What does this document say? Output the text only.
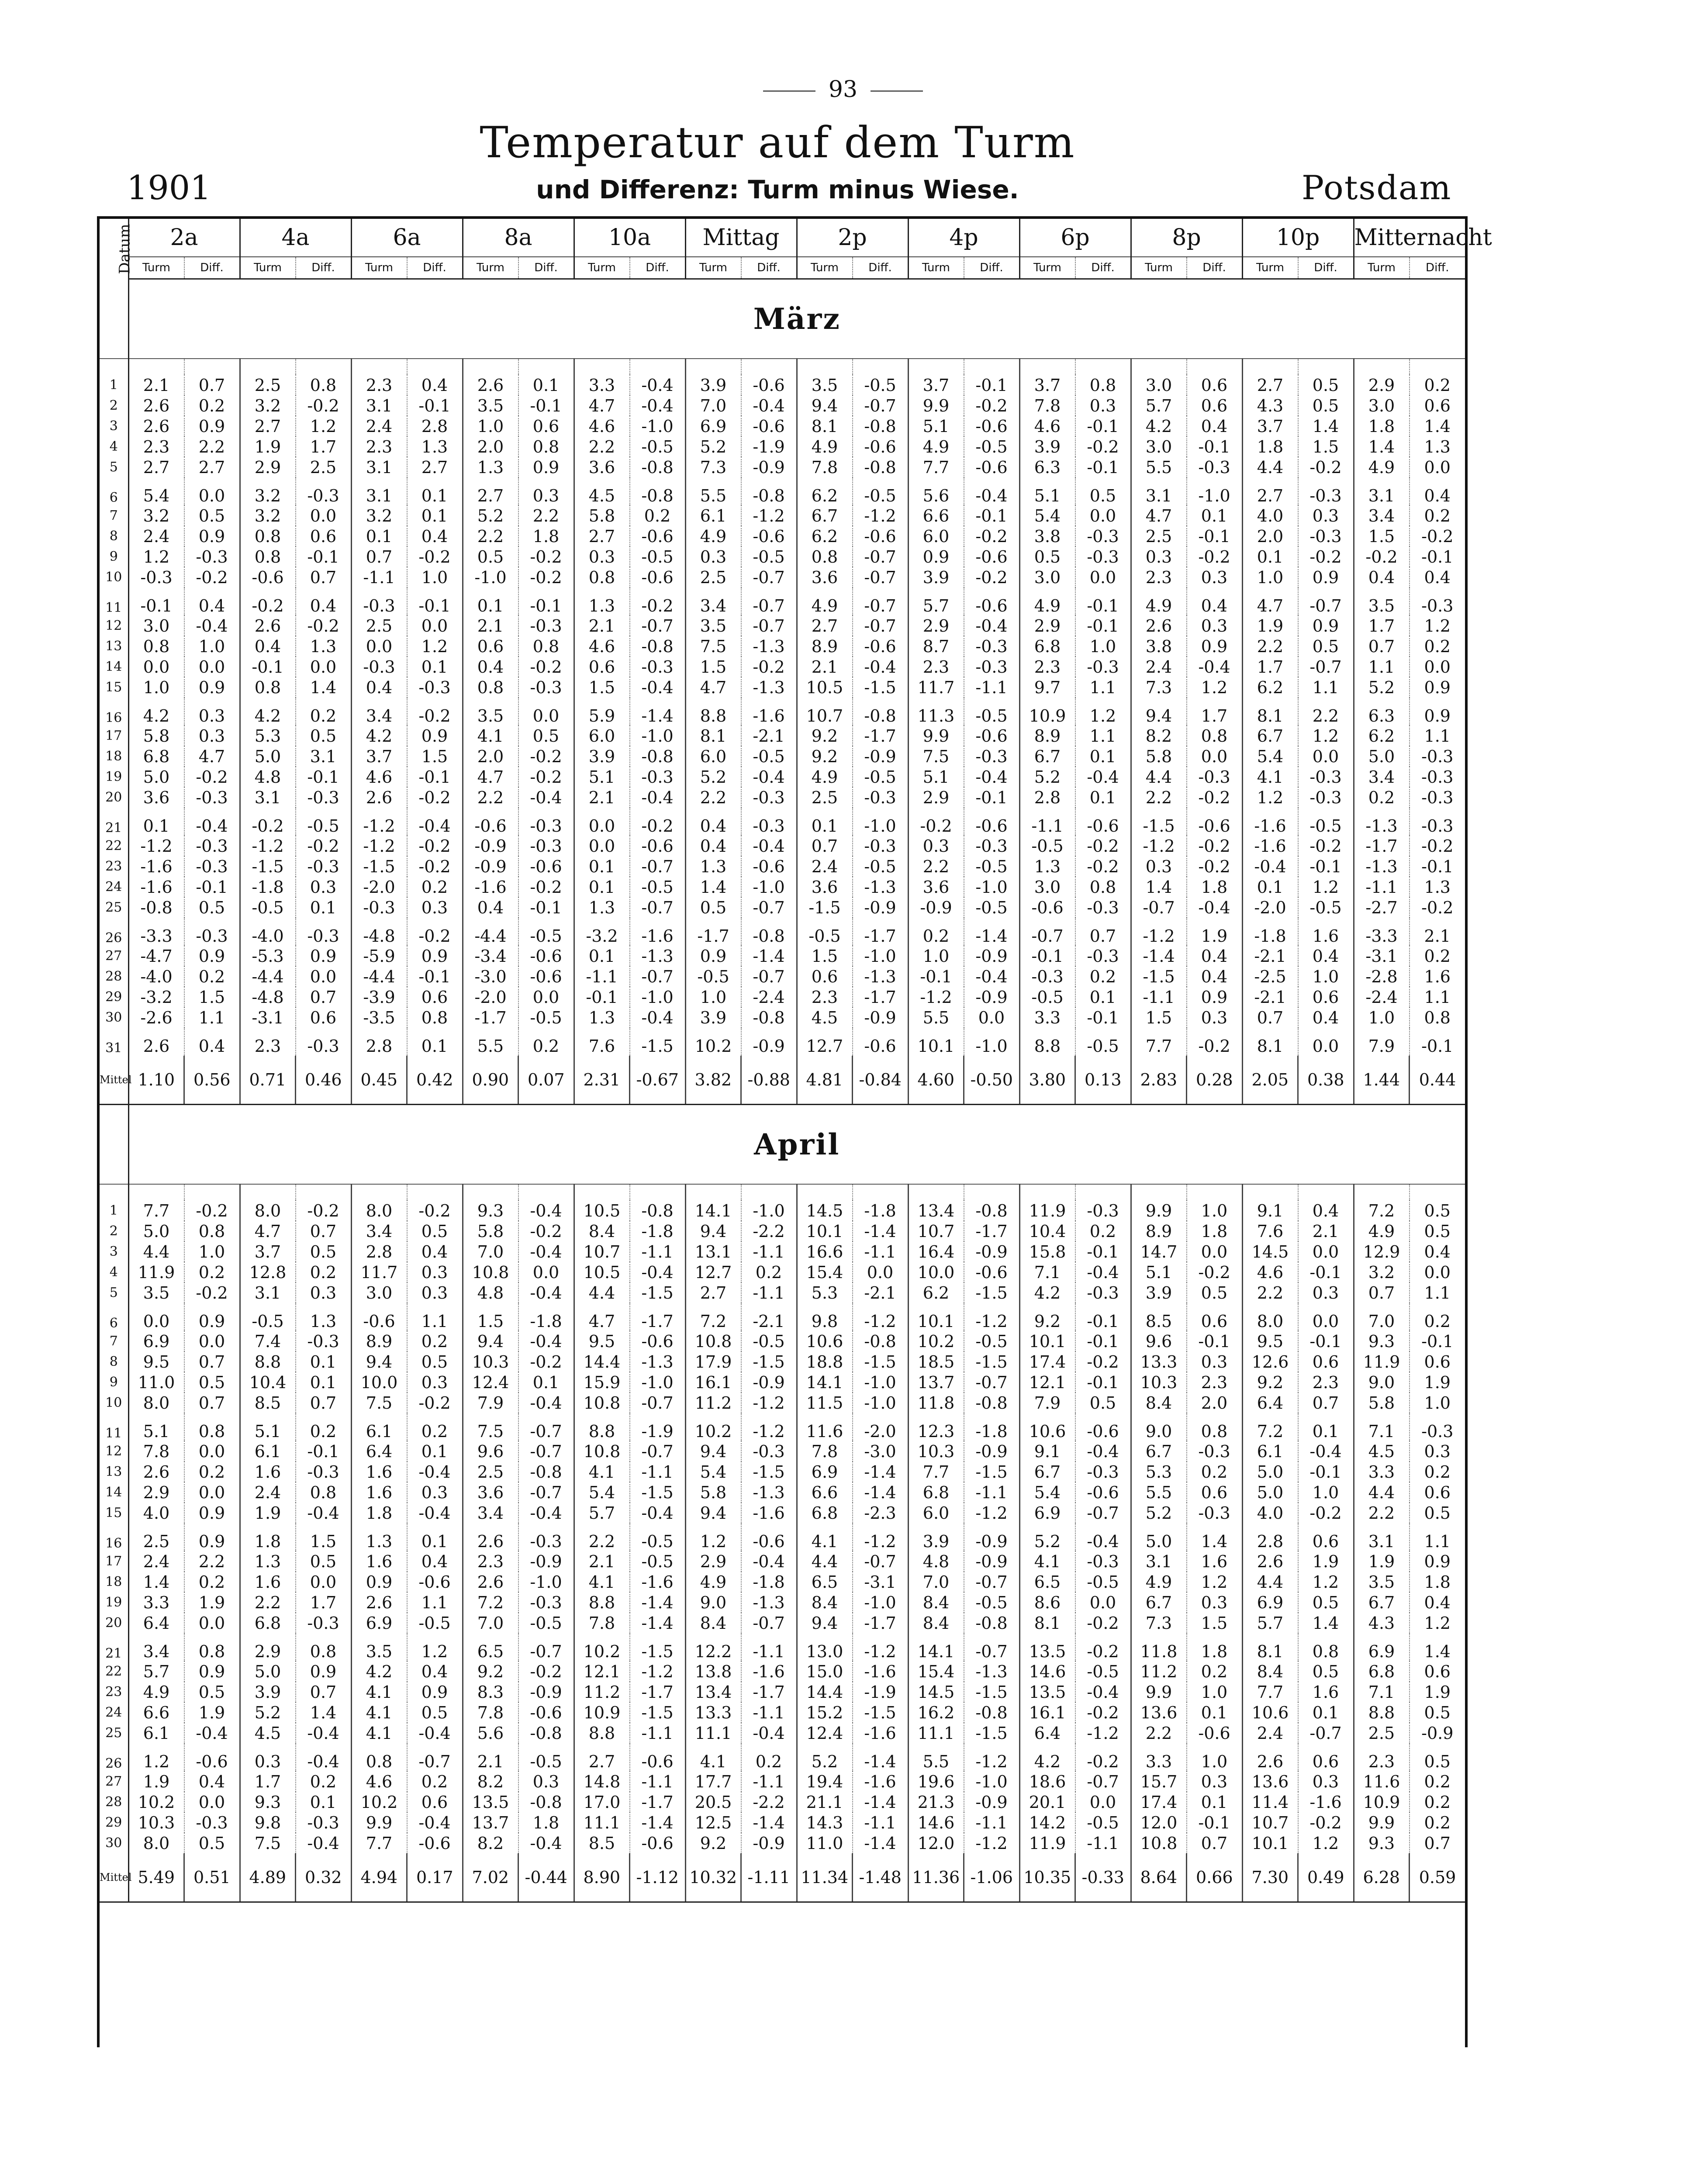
93
Temperatur auf dem Turm
und Differenz: Turm minus Wiese.
1901	Potsdam
Datum	2a		4a		6a		8a		10a		Mittag		2p		4p		6p		8p		10p		Mitternacht	
	Turm	Diff.	Turm	Diff.	Turm	Diff.	Turm	Diff.	Turm	Diff.	Turm	Diff.	Turm	Diff.	Turm	Diff.	Turm	Diff.	Turm	Diff.	Turm	Diff.	Turm	Diff.
	März																							

1	2.1	0.7	2.5	0.8	2.3	0.4	2.6	0.1	3.3	-0.4	3.9	-0.6	3.5	-0.5	3.7	-0.1	3.7	0.8	3.0	0.6	2.7	0.5	2.9	0.2
2	2.6	0.2	3.2	-0.2	3.1	-0.1	3.5	-0.1	4.7	-0.4	7.0	-0.4	9.4	-0.7	9.9	-0.2	7.8	0.3	5.7	0.6	4.3	0.5	3.0	0.6
3	2.6	0.9	2.7	1.2	2.4	2.8	1.0	0.6	4.6	-1.0	6.9	-0.6	8.1	-0.8	5.1	-0.6	4.6	-0.1	4.2	0.4	3.7	1.4	1.8	1.4
4	2.3	2.2	1.9	1.7	2.3	1.3	2.0	0.8	2.2	-0.5	5.2	-1.9	4.9	-0.6	4.9	-0.5	3.9	-0.2	3.0	-0.1	1.8	1.5	1.4	1.3
5	2.7	2.7	2.9	2.5	3.1	2.7	1.3	0.9	3.6	-0.8	7.3	-0.9	7.8	-0.8	7.7	-0.6	6.3	-0.1	5.5	-0.3	4.4	-0.2	4.9	0.0
6	5.4	0.0	3.2	-0.3	3.1	0.1	2.7	0.3	4.5	-0.8	5.5	-0.8	6.2	-0.5	5.6	-0.4	5.1	0.5	3.1	-1.0	2.7	-0.3	3.1	0.4
7	3.2	0.5	3.2	0.0	3.2	0.1	5.2	2.2	5.8	0.2	6.1	-1.2	6.7	-1.2	6.6	-0.1	5.4	0.0	4.7	0.1	4.0	0.3	3.4	0.2
8	2.4	0.9	0.8	0.6	0.1	0.4	2.2	1.8	2.7	-0.6	4.9	-0.6	6.2	-0.6	6.0	-0.2	3.8	-0.3	2.5	-0.1	2.0	-0.3	1.5	-0.2
9	1.2	-0.3	0.8	-0.1	0.7	-0.2	0.5	-0.2	0.3	-0.5	0.3	-0.5	0.8	-0.7	0.9	-0.6	0.5	-0.3	0.3	-0.2	0.1	-0.2	-0.2	-0.1
10	-0.3	-0.2	-0.6	0.7	-1.1	1.0	-1.0	-0.2	0.8	-0.6	2.5	-0.7	3.6	-0.7	3.9	-0.2	3.0	0.0	2.3	0.3	1.0	0.9	0.4	0.4
11	-0.1	0.4	-0.2	0.4	-0.3	-0.1	0.1	-0.1	1.3	-0.2	3.4	-0.7	4.9	-0.7	5.7	-0.6	4.9	-0.1	4.9	0.4	4.7	-0.7	3.5	-0.3
12	3.0	-0.4	2.6	-0.2	2.5	0.0	2.1	-0.3	2.1	-0.7	3.5	-0.7	2.7	-0.7	2.9	-0.4	2.9	-0.1	2.6	0.3	1.9	0.9	1.7	1.2
13	0.8	1.0	0.4	1.3	0.0	1.2	0.6	0.8	4.6	-0.8	7.5	-1.3	8.9	-0.6	8.7	-0.3	6.8	1.0	3.8	0.9	2.2	0.5	0.7	0.2
14	0.0	0.0	-0.1	0.0	-0.3	0.1	0.4	-0.2	0.6	-0.3	1.5	-0.2	2.1	-0.4	2.3	-0.3	2.3	-0.3	2.4	-0.4	1.7	-0.7	1.1	0.0
15	1.0	0.9	0.8	1.4	0.4	-0.3	0.8	-0.3	1.5	-0.4	4.7	-1.3	10.5	-1.5	11.7	-1.1	9.7	1.1	7.3	1.2	6.2	1.1	5.2	0.9
16	4.2	0.3	4.2	0.2	3.4	-0.2	3.5	0.0	5.9	-1.4	8.8	-1.6	10.7	-0.8	11.3	-0.5	10.9	1.2	9.4	1.7	8.1	2.2	6.3	0.9
17	5.8	0.3	5.3	0.5	4.2	0.9	4.1	0.5	6.0	-1.0	8.1	-2.1	9.2	-1.7	9.9	-0.6	8.9	1.1	8.2	0.8	6.7	1.2	6.2	1.1
18	6.8	4.7	5.0	3.1	3.7	1.5	2.0	-0.2	3.9	-0.8	6.0	-0.5	9.2	-0.9	7.5	-0.3	6.7	0.1	5.8	0.0	5.4	0.0	5.0	-0.3
19	5.0	-0.2	4.8	-0.1	4.6	-0.1	4.7	-0.2	5.1	-0.3	5.2	-0.4	4.9	-0.5	5.1	-0.4	5.2	-0.4	4.4	-0.3	4.1	-0.3	3.4	-0.3
20	3.6	-0.3	3.1	-0.3	2.6	-0.2	2.2	-0.4	2.1	-0.4	2.2	-0.3	2.5	-0.3	2.9	-0.1	2.8	0.1	2.2	-0.2	1.2	-0.3	0.2	-0.3
21	0.1	-0.4	-0.2	-0.5	-1.2	-0.4	-0.6	-0.3	0.0	-0.2	0.4	-0.3	0.1	-1.0	-0.2	-0.6	-1.1	-0.6	-1.5	-0.6	-1.6	-0.5	-1.3	-0.3
22	-1.2	-0.3	-1.2	-0.2	-1.2	-0.2	-0.9	-0.3	0.0	-0.6	0.4	-0.4	0.7	-0.3	0.3	-0.3	-0.5	-0.2	-1.2	-0.2	-1.6	-0.2	-1.7	-0.2
23	-1.6	-0.3	-1.5	-0.3	-1.5	-0.2	-0.9	-0.6	0.1	-0.7	1.3	-0.6	2.4	-0.5	2.2	-0.5	1.3	-0.2	0.3	-0.2	-0.4	-0.1	-1.3	-0.1
24	-1.6	-0.1	-1.8	0.3	-2.0	0.2	-1.6	-0.2	0.1	-0.5	1.4	-1.0	3.6	-1.3	3.6	-1.0	3.0	0.8	1.4	1.8	0.1	1.2	-1.1	1.3
25	-0.8	0.5	-0.5	0.1	-0.3	0.3	0.4	-0.1	1.3	-0.7	0.5	-0.7	-1.5	-0.9	-0.9	-0.5	-0.6	-0.3	-0.7	-0.4	-2.0	-0.5	-2.7	-0.2
26	-3.3	-0.3	-4.0	-0.3	-4.8	-0.2	-4.4	-0.5	-3.2	-1.6	-1.7	-0.8	-0.5	-1.7	0.2	-1.4	-0.7	0.7	-1.2	1.9	-1.8	1.6	-3.3	2.1
27	-4.7	0.9	-5.3	0.9	-5.9	0.9	-3.4	-0.6	0.1	-1.3	0.9	-1.4	1.5	-1.0	1.0	-0.9	-0.1	-0.3	-1.4	0.4	-2.1	0.4	-3.1	0.2
28	-4.0	0.2	-4.4	0.0	-4.4	-0.1	-3.0	-0.6	-1.1	-0.7	-0.5	-0.7	0.6	-1.3	-0.1	-0.4	-0.3	0.2	-1.5	0.4	-2.5	1.0	-2.8	1.6
29	-3.2	1.5	-4.8	0.7	-3.9	0.6	-2.0	0.0	-0.1	-1.0	1.0	-2.4	2.3	-1.7	-1.2	-0.9	-0.5	0.1	-1.1	0.9	-2.1	0.6	-2.4	1.1
30	-2.6	1.1	-3.1	0.6	-3.5	0.8	-1.7	-0.5	1.3	-0.4	3.9	-0.8	4.5	-0.9	5.5	0.0	3.3	-0.1	1.5	0.3	0.7	0.4	1.0	0.8
31	2.6	0.4	2.3	-0.3	2.8	0.1	5.5	0.2	7.6	-1.5	10.2	-0.9	12.7	-0.6	10.1	-1.0	8.8	-0.5	7.7	-0.2	8.1	0.0	7.9	-0.1
Mittel	1.10	0.56	0.71	0.46	0.45	0.42	0.90	0.07	2.31	-0.67	3.82	-0.88	4.81	-0.84	4.60	-0.50	3.80	0.13	2.83	0.28	2.05	0.38	1.44	0.44
	April																							

1	7.7	-0.2	8.0	-0.2	8.0	-0.2	9.3	-0.4	10.5	-0.8	14.1	-1.0	14.5	-1.8	13.4	-0.8	11.9	-0.3	9.9	1.0	9.1	0.4	7.2	0.5
2	5.0	0.8	4.7	0.7	3.4	0.5	5.8	-0.2	8.4	-1.8	9.4	-2.2	10.1	-1.4	10.7	-1.7	10.4	0.2	8.9	1.8	7.6	2.1	4.9	0.5
3	4.4	1.0	3.7	0.5	2.8	0.4	7.0	-0.4	10.7	-1.1	13.1	-1.1	16.6	-1.1	16.4	-0.9	15.8	-0.1	14.7	0.0	14.5	0.0	12.9	0.4
4	11.9	0.2	12.8	0.2	11.7	0.3	10.8	0.0	10.5	-0.4	12.7	0.2	15.4	0.0	10.0	-0.6	7.1	-0.4	5.1	-0.2	4.6	-0.1	3.2	0.0
5	3.5	-0.2	3.1	0.3	3.0	0.3	4.8	-0.4	4.4	-1.5	2.7	-1.1	5.3	-2.1	6.2	-1.5	4.2	-0.3	3.9	0.5	2.2	0.3	0.7	1.1
6	0.0	0.9	-0.5	1.3	-0.6	1.1	1.5	-1.8	4.7	-1.7	7.2	-2.1	9.8	-1.2	10.1	-1.2	9.2	-0.1	8.5	0.6	8.0	0.0	7.0	0.2
7	6.9	0.0	7.4	-0.3	8.9	0.2	9.4	-0.4	9.5	-0.6	10.8	-0.5	10.6	-0.8	10.2	-0.5	10.1	-0.1	9.6	-0.1	9.5	-0.1	9.3	-0.1
8	9.5	0.7	8.8	0.1	9.4	0.5	10.3	-0.2	14.4	-1.3	17.9	-1.5	18.8	-1.5	18.5	-1.5	17.4	-0.2	13.3	0.3	12.6	0.6	11.9	0.6
9	11.0	0.5	10.4	0.1	10.0	0.3	12.4	0.1	15.9	-1.0	16.1	-0.9	14.1	-1.0	13.7	-0.7	12.1	-0.1	10.3	2.3	9.2	2.3	9.0	1.9
10	8.0	0.7	8.5	0.7	7.5	-0.2	7.9	-0.4	10.8	-0.7	11.2	-1.2	11.5	-1.0	11.8	-0.8	7.9	0.5	8.4	2.0	6.4	0.7	5.8	1.0
11	5.1	0.8	5.1	0.2	6.1	0.2	7.5	-0.7	8.8	-1.9	10.2	-1.2	11.6	-2.0	12.3	-1.8	10.6	-0.6	9.0	0.8	7.2	0.1	7.1	-0.3
12	7.8	0.0	6.1	-0.1	6.4	0.1	9.6	-0.7	10.8	-0.7	9.4	-0.3	7.8	-3.0	10.3	-0.9	9.1	-0.4	6.7	-0.3	6.1	-0.4	4.5	0.3
13	2.6	0.2	1.6	-0.3	1.6	-0.4	2.5	-0.8	4.1	-1.1	5.4	-1.5	6.9	-1.4	7.7	-1.5	6.7	-0.3	5.3	0.2	5.0	-0.1	3.3	0.2
14	2.9	0.0	2.4	0.8	1.6	0.3	3.6	-0.7	5.4	-1.5	5.8	-1.3	6.6	-1.4	6.8	-1.1	5.4	-0.6	5.5	0.6	5.0	1.0	4.4	0.6
15	4.0	0.9	1.9	-0.4	1.8	-0.4	3.4	-0.4	5.7	-0.4	9.4	-1.6	6.8	-2.3	6.0	-1.2	6.9	-0.7	5.2	-0.3	4.0	-0.2	2.2	0.5
16	2.5	0.9	1.8	1.5	1.3	0.1	2.6	-0.3	2.2	-0.5	1.2	-0.6	4.1	-1.2	3.9	-0.9	5.2	-0.4	5.0	1.4	2.8	0.6	3.1	1.1
17	2.4	2.2	1.3	0.5	1.6	0.4	2.3	-0.9	2.1	-0.5	2.9	-0.4	4.4	-0.7	4.8	-0.9	4.1	-0.3	3.1	1.6	2.6	1.9	1.9	0.9
18	1.4	0.2	1.6	0.0	0.9	-0.6	2.6	-1.0	4.1	-1.6	4.9	-1.8	6.5	-3.1	7.0	-0.7	6.5	-0.5	4.9	1.2	4.4	1.2	3.5	1.8
19	3.3	1.9	2.2	1.7	2.6	1.1	7.2	-0.3	8.8	-1.4	9.0	-1.3	8.4	-1.0	8.4	-0.5	8.6	0.0	6.7	0.3	6.9	0.5	6.7	0.4
20	6.4	0.0	6.8	-0.3	6.9	-0.5	7.0	-0.5	7.8	-1.4	8.4	-0.7	9.4	-1.7	8.4	-0.8	8.1	-0.2	7.3	1.5	5.7	1.4	4.3	1.2
21	3.4	0.8	2.9	0.8	3.5	1.2	6.5	-0.7	10.2	-1.5	12.2	-1.1	13.0	-1.2	14.1	-0.7	13.5	-0.2	11.8	1.8	8.1	0.8	6.9	1.4
22	5.7	0.9	5.0	0.9	4.2	0.4	9.2	-0.2	12.1	-1.2	13.8	-1.6	15.0	-1.6	15.4	-1.3	14.6	-0.5	11.2	0.2	8.4	0.5	6.8	0.6
23	4.9	0.5	3.9	0.7	4.1	0.9	8.3	-0.9	11.2	-1.7	13.4	-1.7	14.4	-1.9	14.5	-1.5	13.5	-0.4	9.9	1.0	7.7	1.6	7.1	1.9
24	6.6	1.9	5.2	1.4	4.1	0.5	7.8	-0.6	10.9	-1.5	13.3	-1.1	15.2	-1.5	16.2	-0.8	16.1	-0.2	13.6	0.1	10.6	0.1	8.8	0.5
25	6.1	-0.4	4.5	-0.4	4.1	-0.4	5.6	-0.8	8.8	-1.1	11.1	-0.4	12.4	-1.6	11.1	-1.5	6.4	-1.2	2.2	-0.6	2.4	-0.7	2.5	-0.9
26	1.2	-0.6	0.3	-0.4	0.8	-0.7	2.1	-0.5	2.7	-0.6	4.1	0.2	5.2	-1.4	5.5	-1.2	4.2	-0.2	3.3	1.0	2.6	0.6	2.3	0.5
27	1.9	0.4	1.7	0.2	4.6	0.2	8.2	0.3	14.8	-1.1	17.7	-1.1	19.4	-1.6	19.6	-1.0	18.6	-0.7	15.7	0.3	13.6	0.3	11.6	0.2
28	10.2	0.0	9.3	0.1	10.2	0.6	13.5	-0.8	17.0	-1.7	20.5	-2.2	21.1	-1.4	21.3	-0.9	20.1	0.0	17.4	0.1	11.4	-1.6	10.9	0.2
29	10.3	-0.3	9.8	-0.3	9.9	-0.4	13.7	1.8	11.1	-1.4	12.5	-1.4	14.3	-1.1	14.6	-1.1	14.2	-0.5	12.0	-0.1	10.7	-0.2	9.9	0.2
30	8.0	0.5	7.5	-0.4	7.7	-0.6	8.2	-0.4	8.5	-0.6	9.2	-0.9	11.0	-1.4	12.0	-1.2	11.9	-1.1	10.8	0.7	10.1	1.2	9.3	0.7
Mittel	5.49	0.51	4.89	0.32	4.94	0.17	7.02	-0.44	8.90	-1.12	10.32	-1.11	11.34	-1.48	11.36	-1.06	10.35	-0.33	8.64	0.66	7.30	0.49	6.28	0.59
